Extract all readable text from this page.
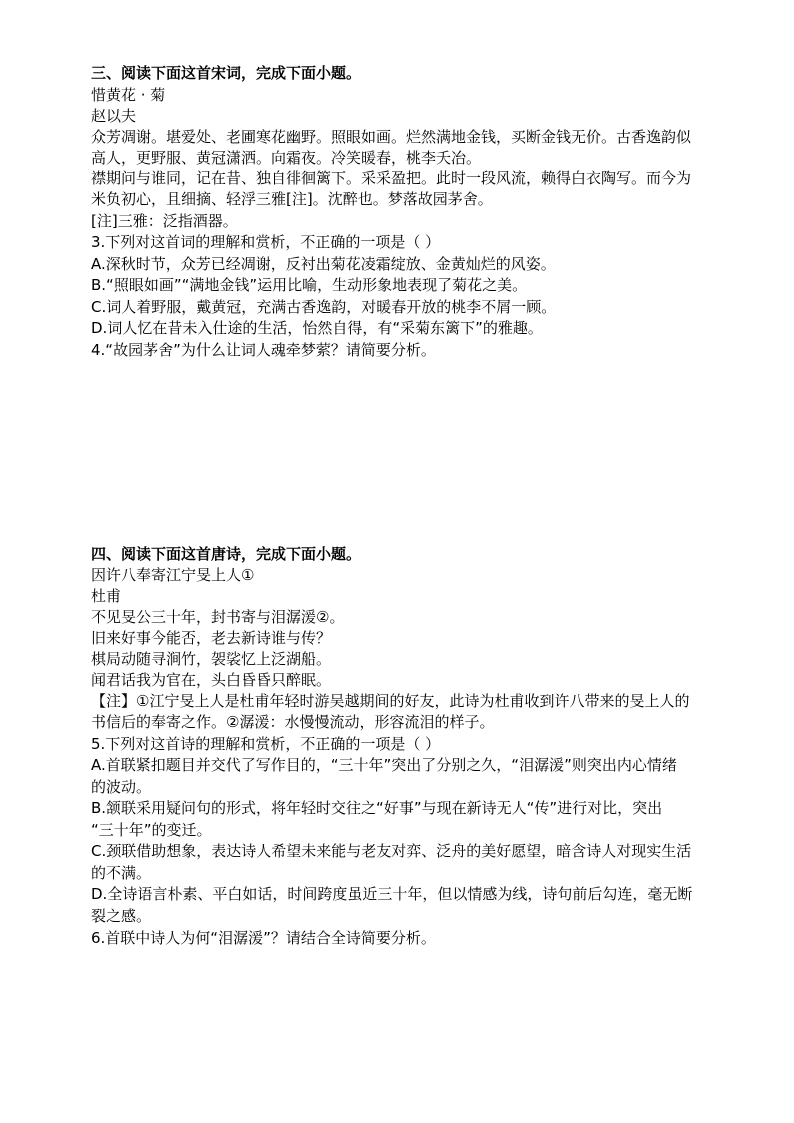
三、阅读下面这首宋词，完成下面小题。
惜黄花 · 菊
赵以夫
众芳凋谢。堪爱处、老圃寒花幽野。照眼如画。烂然满地金钱，买断金钱无价。古香逸韵似
高人，更野服、黄冠潇洒。向霜夜。冷笑暖春，桃李夭冶。
襟期问与谁同，记在昔、独自徘徊篱下。采采盈把。此时一段风流，赖得白衣陶写。而今为
米负初心，且细摘、轻浮三雅[注]。沈醉也。梦落故园茅舍。
[注]三雅：泛指酒器。
3.下列对这首词的理解和赏析，不正确的一项是（ ）
A.深秋时节，众芳已经凋谢，反衬出菊花凌霜绽放、金黄灿烂的风姿。
B.“照眼如画”“满地金钱”运用比喻，生动形象地表现了菊花之美。
C.词人着野服，戴黄冠，充满古香逸韵，对暖春开放的桃李不屑一顾。
D.词人忆在昔未入仕途的生活，怡然自得，有“采菊东篱下”的雅趣。
4.“故园茅舍”为什么让词人魂牵梦萦？请简要分析。
四、阅读下面这首唐诗，完成下面小题。
因许八奉寄江宁旻上人①
杜甫
不见旻公三十年，封书寄与泪潺湲②。
旧来好事今能否，老去新诗谁与传？
棋局动随寻涧竹，袈裟忆上泛湖船。
闻君话我为官在，头白昏昏只醉眠。
【注】①江宁旻上人是杜甫年轻时游吴越期间的好友，此诗为杜甫收到许八带来的旻上人的
书信后的奉寄之作。②潺湲：水慢慢流动，形容流泪的样子。
5.下列对这首诗的理解和赏析，不正确的一项是（ ）
A.首联紧扣题目并交代了写作目的，“三十年”突出了分别之久，“泪潺湲”则突出内心情绪
的波动。
B.颔联采用疑问句的形式，将年轻时交往之“好事”与现在新诗无人“传”进行对比，突出
“三十年”的变迁。
C.颈联借助想象，表达诗人希望未来能与老友对弈、泛舟的美好愿望，暗含诗人对现实生活
的不满。
D.全诗语言朴素、平白如话，时间跨度虽近三十年，但以情感为线，诗句前后勾连，毫无断
裂之感。
6.首联中诗人为何“泪潺湲”？请结合全诗简要分析。
